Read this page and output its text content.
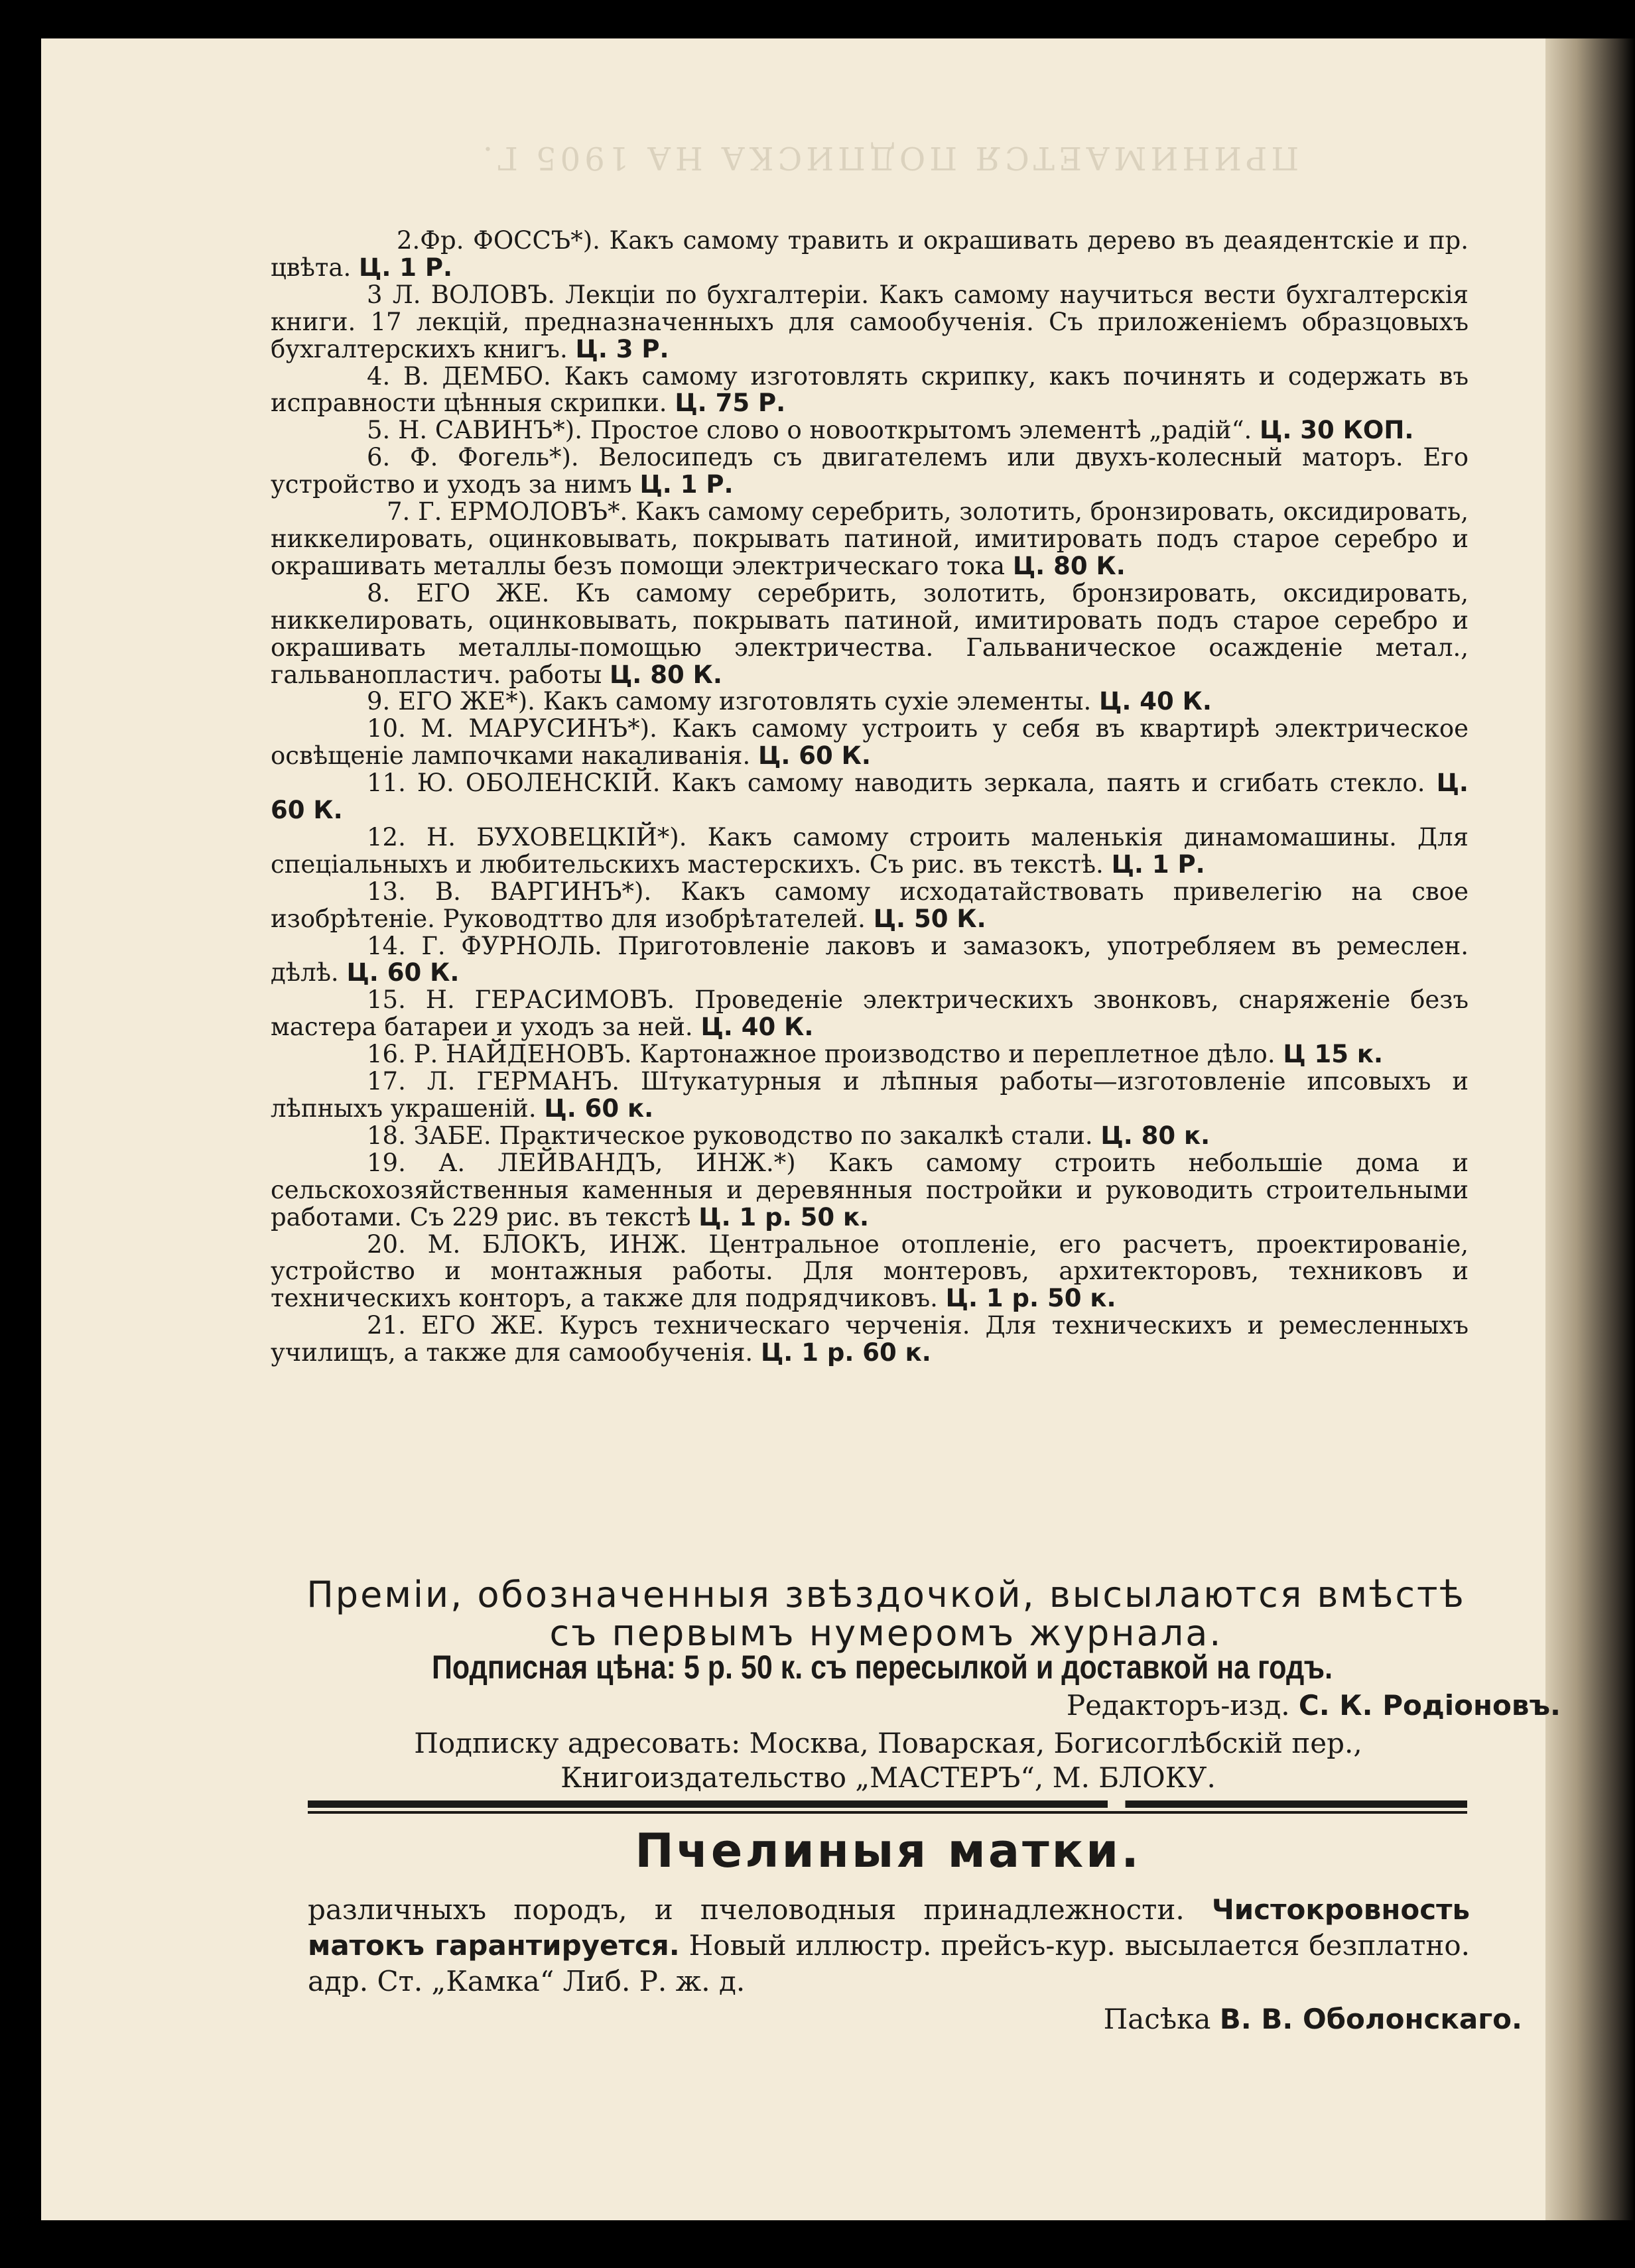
ПРИНИМАЕТСЯ ПОДПИСКА НА 1905 Г.

2.Фр. ФОССЪ*). Какъ самому травить и окрашивать дерево въ деаядентскіе и пр. цвѣта. Ц. 1 Р.

3 Л. ВОЛОВЪ. Лекціи по бухгалтеріи. Какъ самому научиться вести бухгалтерскія книги. 17 лекцій, предназначенныхъ для самообученія. Съ приложеніемъ образцовыхъ бухгалтерскихъ книгъ. Ц. 3 Р.

4. В. ДЕМБО. Какъ самому изготовлять скрипку, какъ починять и содержать въ исправности цѣнныя скрипки. Ц. 75 Р.

5. Н. САВИНЪ*). Простое слово о новооткрытомъ элементѣ „радій“. Ц. 30 КОП.

6. Ф. Фогель*). Велосипедъ съ двигателемъ или двухъ-колесный маторъ. Его устройство и уходъ за нимъ Ц. 1 Р.

7. Г. ЕРМОЛОВЪ*. Какъ самому серебрить, золотить, бронзировать, оксидировать, никкелировать, оцинковывать, покрывать патиной, имитировать подъ старое серебро и окрашивать металлы безъ помощи электрическаго тока Ц. 80 К.

8. ЕГО ЖЕ. Къ самому серебрить, золотить, бронзировать, оксидировать, никкелировать, оцинковывать, покрывать патиной, имитировать подъ старое серебро и окрашивать металлы-помощью электричества. Гальваническое осажденіе метал., гальванопластич. работы Ц. 80 К.

9. ЕГО ЖЕ*). Какъ самому изготовлять сухіе элементы. Ц. 40 К.

10. М. МАРУСИНЪ*). Какъ самому устроить у себя въ квартирѣ электрическое освѣщеніе лампочками накаливанія. Ц. 60 К.

11. Ю. ОБОЛЕНСКІЙ. Какъ самому наводить зеркала, паять и сгибать стекло. Ц. 60 К.

12. Н. БУХОВЕЦКІЙ*). Какъ самому строить маленькія динамомашины. Для спеціальныхъ и любительскихъ мастерскихъ. Съ рис. въ текстѣ. Ц. 1 Р.

13. В. ВАРГИНЪ*). Какъ самому исходатайствовать привелегію на свое изобрѣтеніе. Руководттво для изобрѣтателей. Ц. 50 К.

14. Г. ФУРНОЛЬ. Приготовленіе лаковъ и замазокъ, употребляем въ ремеслен. дѣлѣ. Ц. 60 К.

15. Н. ГЕРАСИМОВЪ. Проведеніе электрическихъ звонковъ, снаряженіе безъ мастера батареи и уходъ за ней. Ц. 40 К.

16. Р. НАЙДЕНОВЪ. Картонажное производство и переплетное дѣло. Ц 15 к.

17. Л. ГЕРМАНЪ. Штукатурныя и лѣпныя работы—изготовленіе ипсовыхъ и лѣпныхъ украшеній. Ц. 60 к.

18. ЗАБЕ. Практическое руководство по закалкѣ стали. Ц. 80 к.

19. А. ЛЕЙВАНДЪ, ИНЖ.*) Какъ самому строить небольшіе дома и сельскохозяйственныя каменныя и деревянныя постройки и руководить строительными работами. Съ 229 рис. въ текстѣ Ц. 1 р. 50 к.

20. М. БЛОКЪ, ИНЖ. Центральное отопленіе, его расчетъ, проектированіе, устройство и монтажныя работы. Для монтеровъ, архитекторовъ, техниковъ и техническихъ конторъ, а также для подрядчиковъ. Ц. 1 р. 50 к.

21. ЕГО ЖЕ. Курсъ техническаго черченія. Для техническихъ и ремесленныхъ училищъ, а также для самообученія. Ц. 1 р. 60 к.

Преміи, обозначенныя звѣздочкой, высылаются вмѣстѣ съ первымъ нумеромъ журнала.
Подписная цѣна: 5 р. 50 к. съ пересылкой и доставкой на годъ.
Редакторъ-изд. С. К. Родіоновъ.
Подписку адресовать: Москва, Поварская, Богисоглѣбскій пер.,
Книгоиздательство „МАСТЕРЪ“, М. БЛОКУ.
Пчелиныя матки.

различныхъ породъ, и пчеловодныя принадлежности. Чистокровность матокъ гарантируется. Новый иллюстр. прейсъ-кур. высылается безплатно. адр. Ст. „Камка“ Либ. Р. ж. д.

Пасѣка В. В. Оболонскаго.
